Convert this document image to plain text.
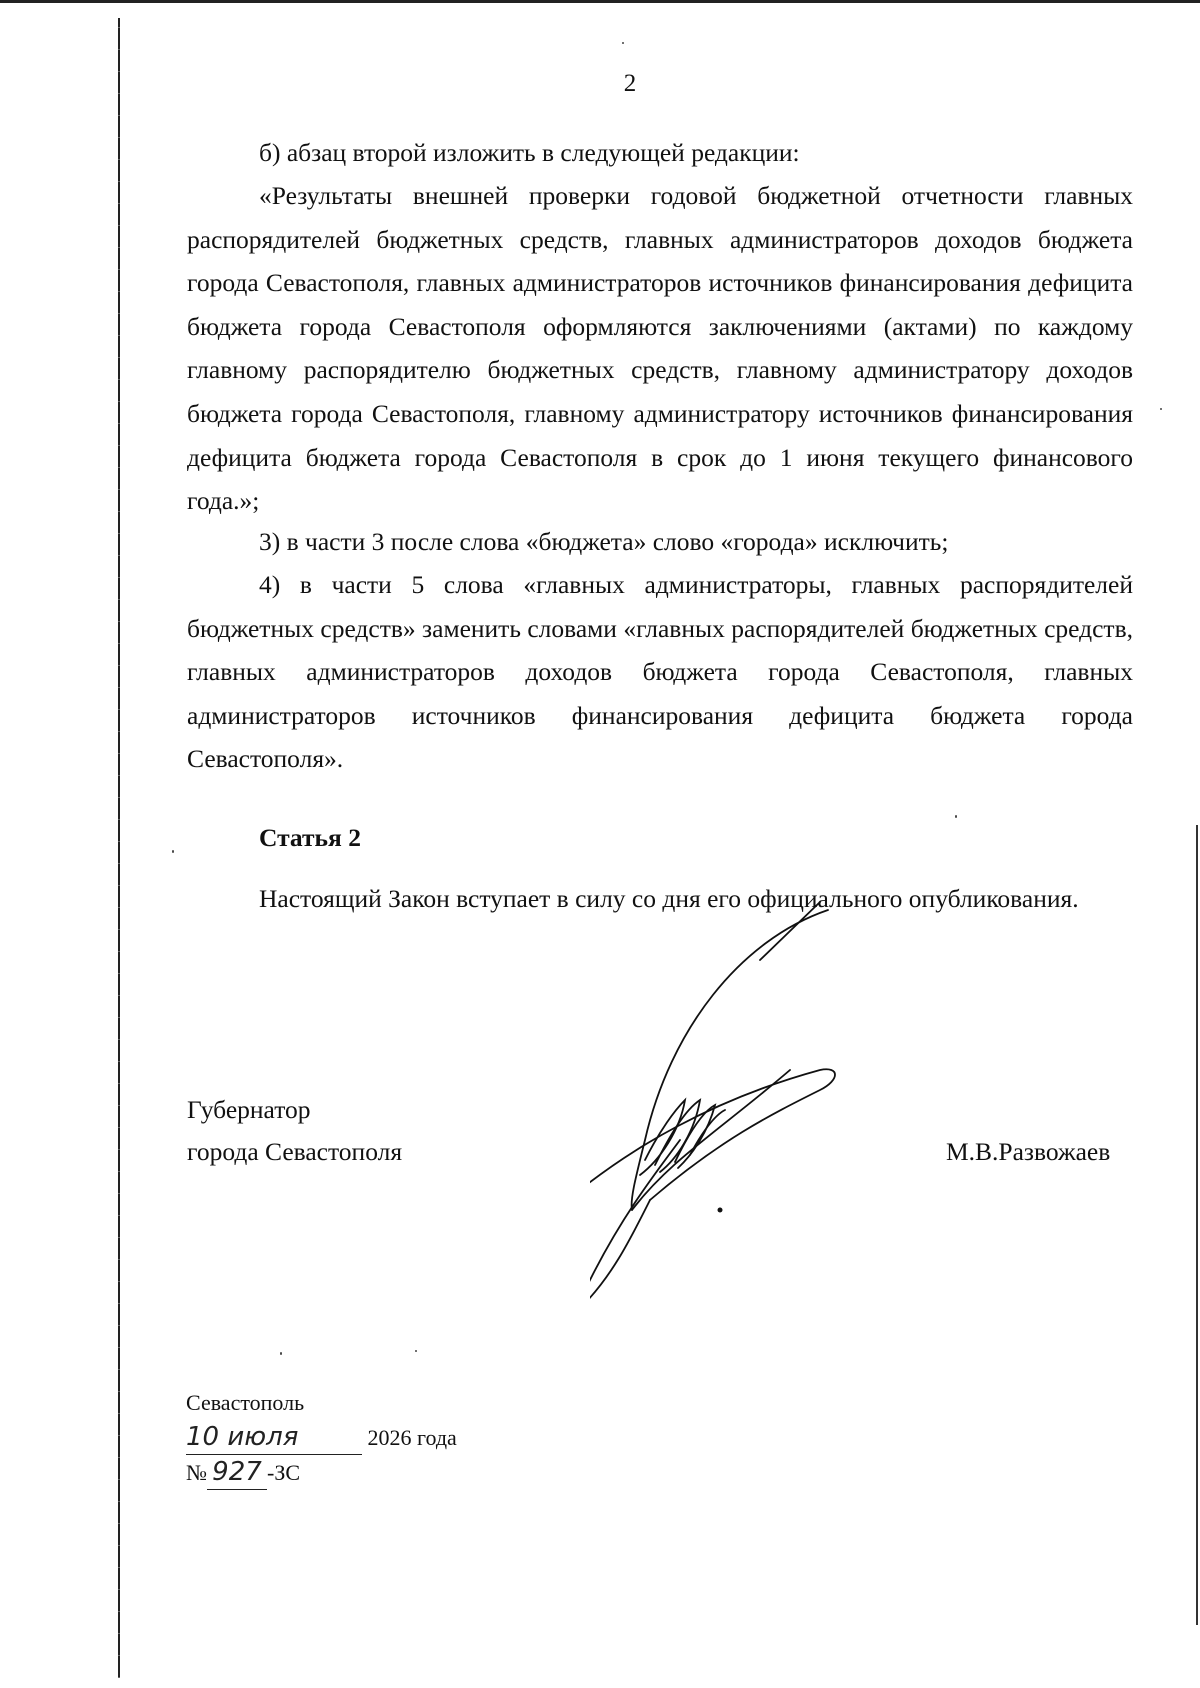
2

б) абзац второй изложить в следующей редакции:

«Результаты внешней проверки годовой бюджетной отчетности главных распорядителей бюджетных средств, главных администраторов доходов бюджета города Севастополя, главных администраторов источников финансирования дефицита бюджета города Севастополя оформляются заключениями (актами) по каждому главному распорядителю бюджетных средств, главному администратору доходов бюджета города Севастополя, главному администратору источников финансирования дефицита бюджета города Севастополя в срок до 1 июня текущего финансового года.»;

3) в части 3 после слова «бюджета» слово «города» исключить;

4) в части 5 слова «главных администраторы, главных распорядителей бюджетных средств» заменить словами «главных распорядителей бюджетных средств, главных администраторов доходов бюджета города Севастополя, главных администраторов источников финансирования дефицита бюджета города Севастополя».

Статья 2

Настоящий Закон вступает в силу со дня его официального опубликования.

Губернатор
города Севастополя	М.В.Развожаев
Севастополь
10 июля	2026 года
№ 927 -ЗС
